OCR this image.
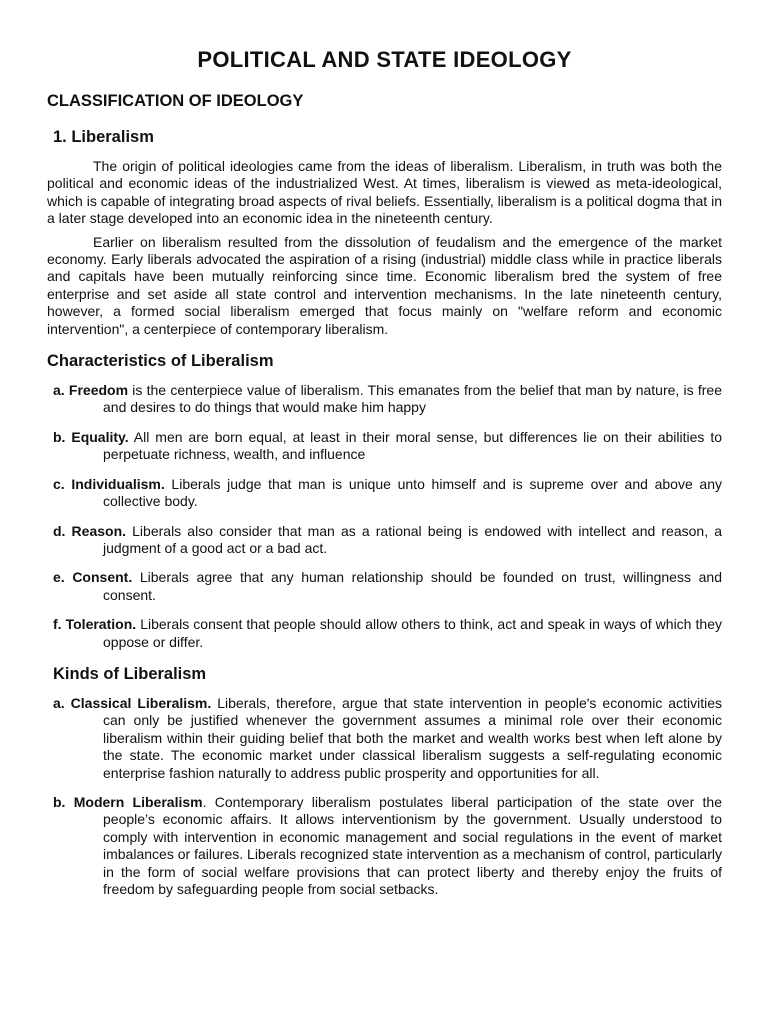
POLITICAL AND STATE IDEOLOGY
CLASSIFICATION OF IDEOLOGY
1. Liberalism

The origin of political ideologies came from the ideas of liberalism. Liberalism, in truth was both the political and economic ideas of the industrialized West. At times, liberalism is viewed as meta-ideological, which is capable of integrating broad aspects of rival beliefs. Essentially, liberalism is a political dogma that in a later stage developed into an economic idea in the nineteenth century.

Earlier on liberalism resulted from the dissolution of feudalism and the emergence of the market economy. Early liberals advocated the aspiration of a rising (industrial) middle class while in practice liberals and capitals have been mutually reinforcing since time. Economic liberalism bred the system of free enterprise and set aside all state control and intervention mechanisms. In the late nineteenth century, however, a formed social liberalism emerged that focus mainly on "welfare reform and economic intervention", a centerpiece of contemporary liberalism.

Characteristics of Liberalism
a. Freedom is the centerpiece value of liberalism. This emanates from the belief that man by nature, is free and desires to do things that would make him happy
b. Equality. All men are born equal, at least in their moral sense, but differences lie on their abilities to perpetuate richness, wealth, and influence
c. Individualism. Liberals judge that man is unique unto himself and is supreme over and above any collective body.
d. Reason. Liberals also consider that man as a rational being is endowed with intellect and reason, a judgment of a good act or a bad act.
e. Consent. Liberals agree that any human relationship should be founded on trust, willingness and consent.
f. Toleration. Liberals consent that people should allow others to think, act and speak in ways of which they oppose or differ.
Kinds of Liberalism
a. Classical Liberalism. Liberals, therefore, argue that state intervention in people's economic activities can only be justified whenever the government assumes a minimal role over their economic liberalism within their guiding belief that both the market and wealth works best when left alone by the state. The economic market under classical liberalism suggests a self-regulating economic enterprise fashion naturally to address public prosperity and opportunities for all.
b. Modern Liberalism. Contemporary liberalism postulates liberal participation of the state over the people’s economic affairs. It allows interventionism by the government. Usually understood to comply with intervention in economic management and social regulations in the event of market imbalances or failures. Liberals recognized state intervention as a mechanism of control, particularly in the form of social welfare provisions that can protect liberty and thereby enjoy the fruits of freedom by safeguarding people from social setbacks.
